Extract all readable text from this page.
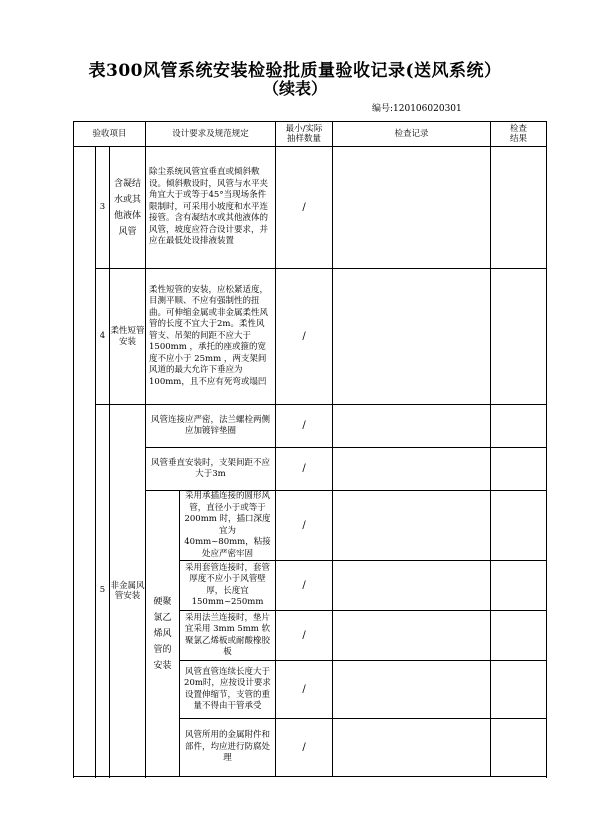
表300风管系统安装检验批质量验收记录(送风系统）
（续表）
编号:120106020301
验收项目			设计要求及规范规定		最小/实际抽样数量	检查记录	检查结果

	3	含凝结水或其他液体风管	除尘系统风管宜垂直或倾斜敷设。倾斜敷设时，风管与水平夹角宜大于或等于45°当现场条件限制时，可采用小坡度和水平连接管。含有凝结水或其他液体的风管，坡度应符合设计要求，并应在最低处设排液装置		/		
	4	柔性短管安装	柔性短管的安装，应松紧适度，目测平顺、不应有强制性的扭曲。可伸缩金属或非金属柔性风管的长度不宜大于2m。柔性风管支、吊架的间距不应大于 1500mm ，承托的座或箍的宽度不应小于 25mm ，两支架间风道的最大允许下垂应为100mm，且不应有死弯或塌凹		/		
	5	非金属风管安装	风管连接应严密，法兰螺栓两侧应加镀锌垫圈		/		
			风管垂直安装时，支架间距不应大于3m		/		

			硬聚氯乙烯风管的安装	采用承插连接的圆形风管，直径小于或等于 200mm 时，插口深度宜为 40mm~80mm，粘接处应严密牢固	/		
				采用套管连接时，套管厚度不应小于风管壁厚，长度宜150mm~250mm	/		
				采用法兰连接时，垫片宜采用 3mm 5mm 软聚氯乙烯板或耐酸橡胶板	/		
				风管直管连续长度大于20m时，应按设计要求设置伸缩节，支管的重量不得由干管承受	/		
				风管所用的金属附件和部件，均应进行防腐处理	/		
